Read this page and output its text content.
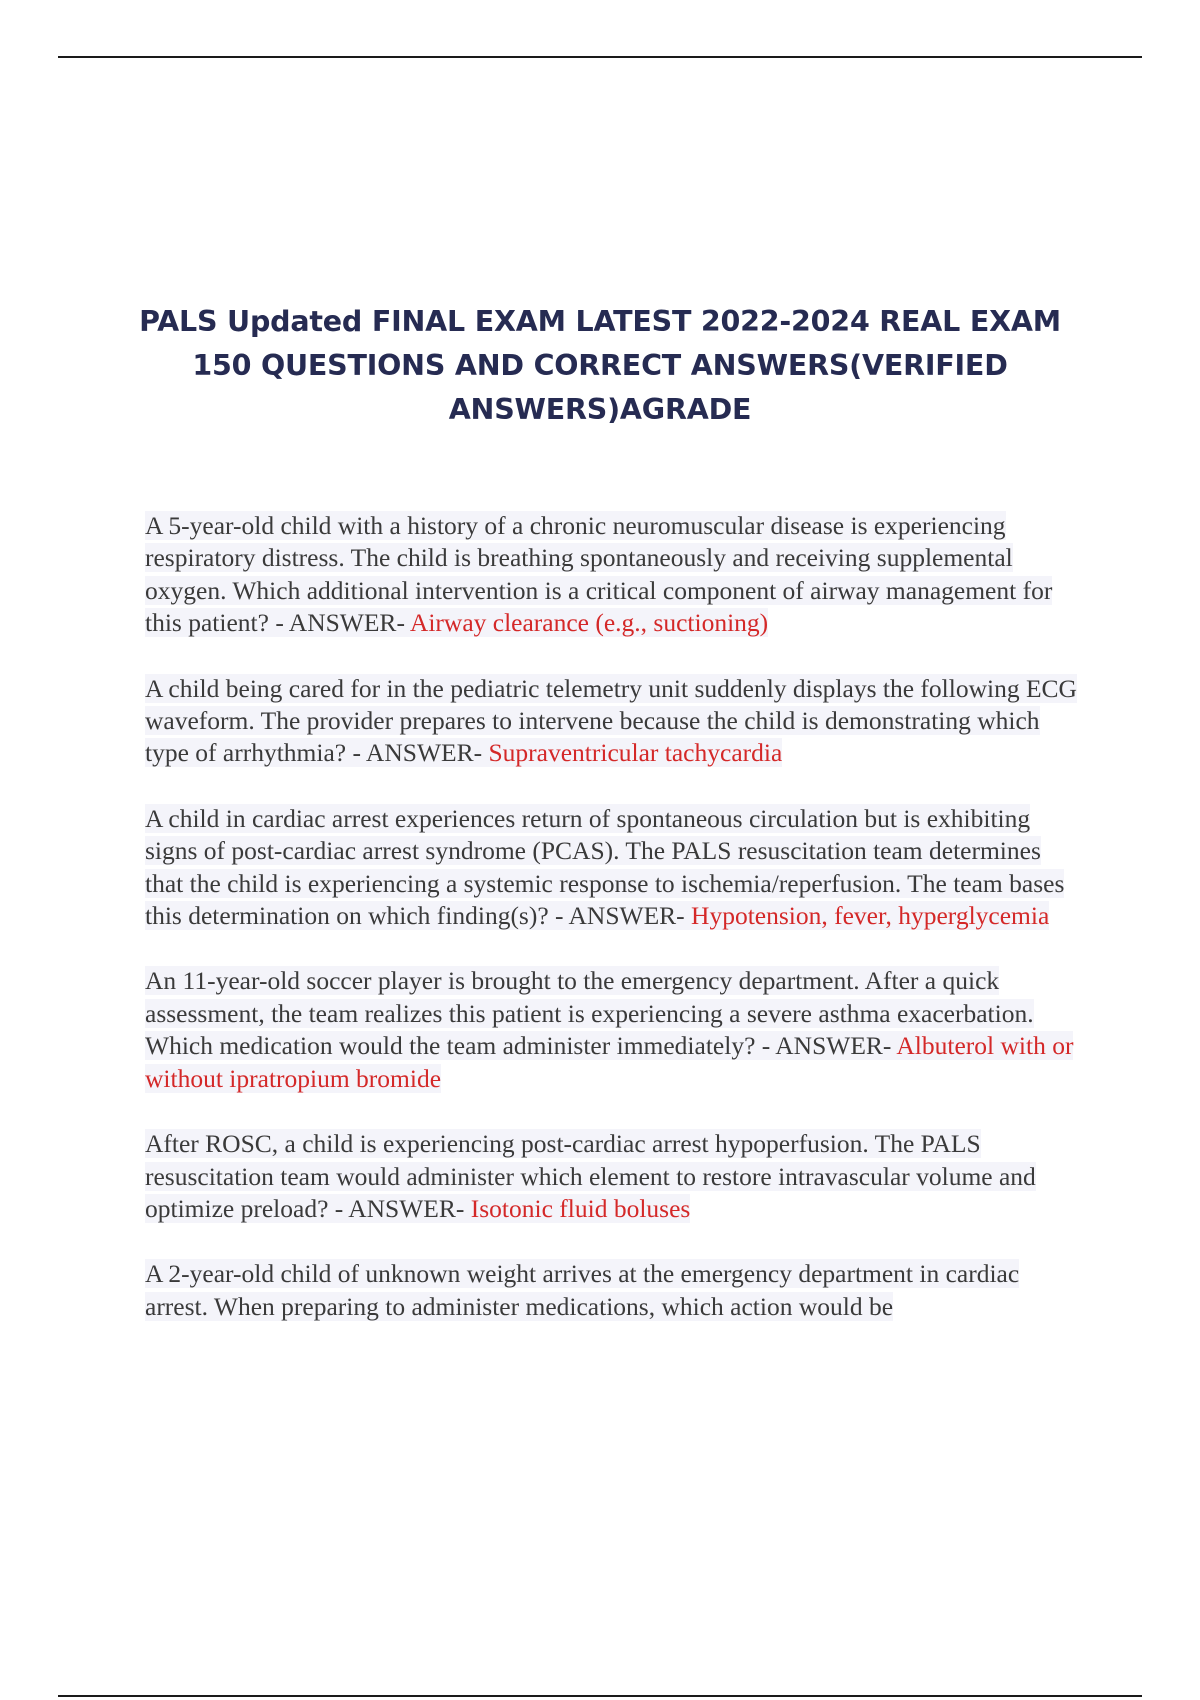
PALS Updated FINAL EXAM LATEST 2022-2024 REAL EXAM 150 QUESTIONS AND CORRECT ANSWERS(VERIFIED ANSWERS)AGRADE
A 5-year-old child with a history of a chronic neuromuscular disease is experiencing respiratory distress. The child is breathing spontaneously and receiving supplemental oxygen. Which additional intervention is a critical component of airway management for this patient? - ANSWER- Airway clearance (e.g., suctioning)
A child being cared for in the pediatric telemetry unit suddenly displays the following ECG waveform. The provider prepares to intervene because the child is demonstrating which type of arrhythmia? - ANSWER- Supraventricular tachycardia
A child in cardiac arrest experiences return of spontaneous circulation but is exhibiting signs of post-cardiac arrest syndrome (PCAS). The PALS resuscitation team determines that the child is experiencing a systemic response to ischemia/reperfusion. The team bases this determination on which finding(s)? - ANSWER- Hypotension, fever, hyperglycemia
An 11-year-old soccer player is brought to the emergency department. After a quick assessment, the team realizes this patient is experiencing a severe asthma exacerbation. Which medication would the team administer immediately? - ANSWER- Albuterol with or without ipratropium bromide
After ROSC, a child is experiencing post-cardiac arrest hypoperfusion. The PALS resuscitation team would administer which element to restore intravascular volume and optimize preload? - ANSWER- Isotonic fluid boluses
A 2-year-old child of unknown weight arrives at the emergency department in cardiac arrest. When preparing to administer medications, which action would be
